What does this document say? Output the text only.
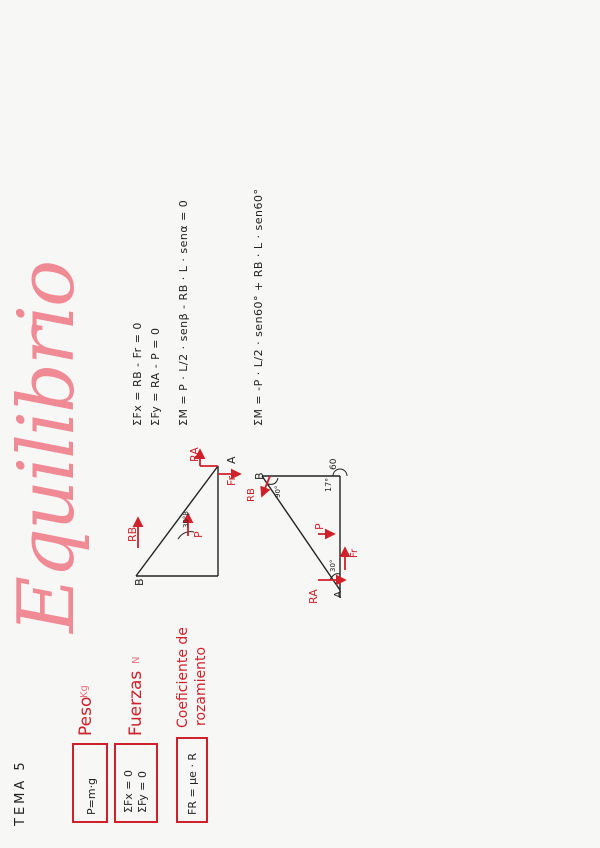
TEMA 5
Equilibrio
P=m·g
Peso
Kg
ΣFx = 0 ΣFy = 0
Fuerzas
N
FR = μe · R
Coeficiente de rozamiento
B
A
RB
RA
P
Fr
30°β
B
A
RA
RB
P
Fr
30°
90°
60
17°
ΣFx = RB - Fr = 0 ΣFy = RA - P = 0 ΣM = P · L/2 · senβ - RB · L · senα = 0	ΣM = -P · L/2 · sen60° + RB · L · sen60°
